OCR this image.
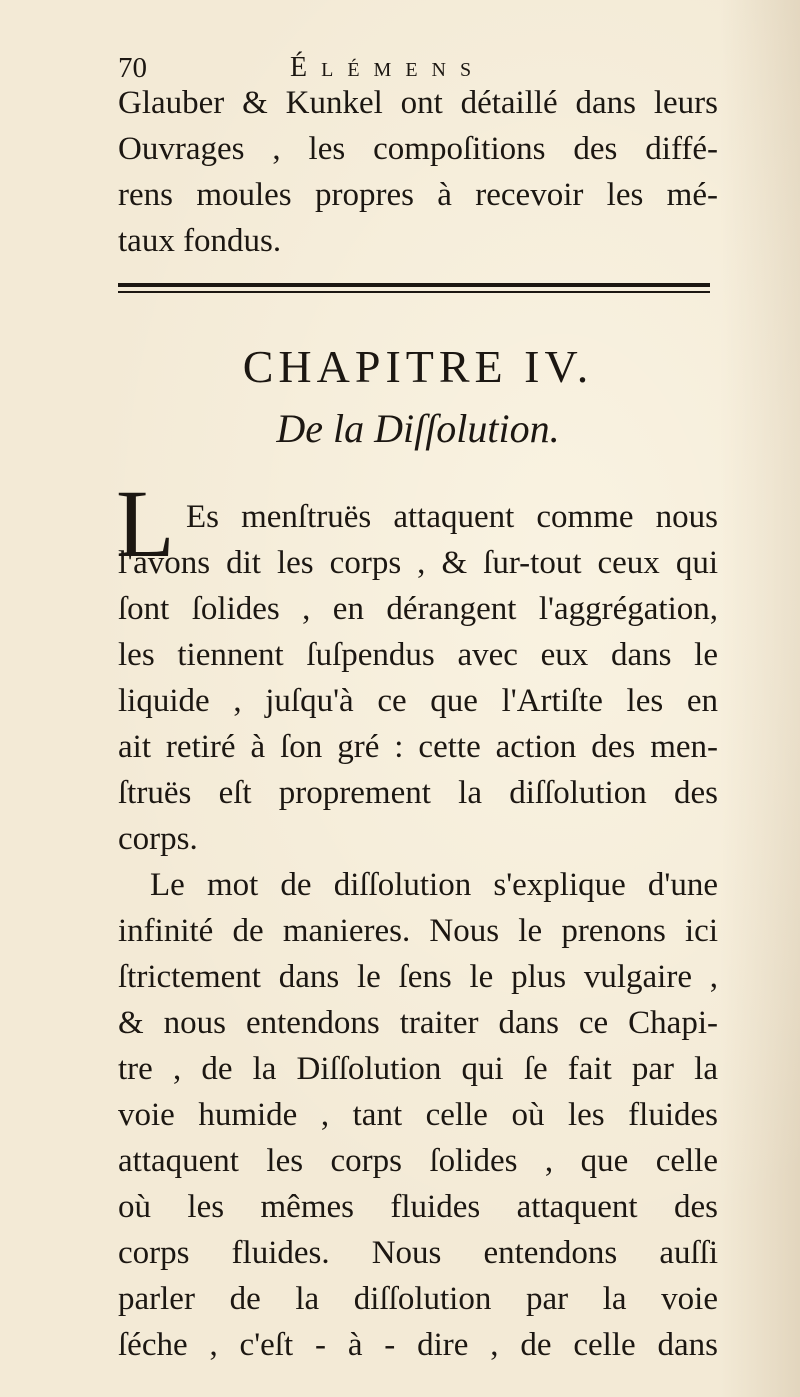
70	Élémens
Glauber & Kunkel ont détaillé dans leurs
Ouvrages , les compoſitions des diffé-
rens moules propres à recevoir les mé-
taux fondus.
CHAPITRE IV.
De la Diſſolution.
L Es menſtruës attaquent comme nous
l'avons dit les corps , & ſur-tout ceux qui
ſont ſolides , en dérangent l'aggrégation,
les tiennent ſuſpendus avec eux dans le
liquide , juſqu'à ce que l'Artiſte les en
ait retiré à ſon gré : cette action des men-
ſtruës eſt proprement la diſſolution des
corps.
Le mot de diſſolution s'explique d'une
infinité de manieres. Nous le prenons ici
ſtrictement dans le ſens le plus vulgaire ,
& nous entendons traiter dans ce Chapi-
tre , de la Diſſolution qui ſe fait par la
voie humide , tant celle où les fluides
attaquent les corps ſolides , que celle
où les mêmes fluides attaquent des
corps fluides. Nous entendons auſſi
parler de la diſſolution par la voie
ſéche , c'eſt - à - dire , de celle dans
